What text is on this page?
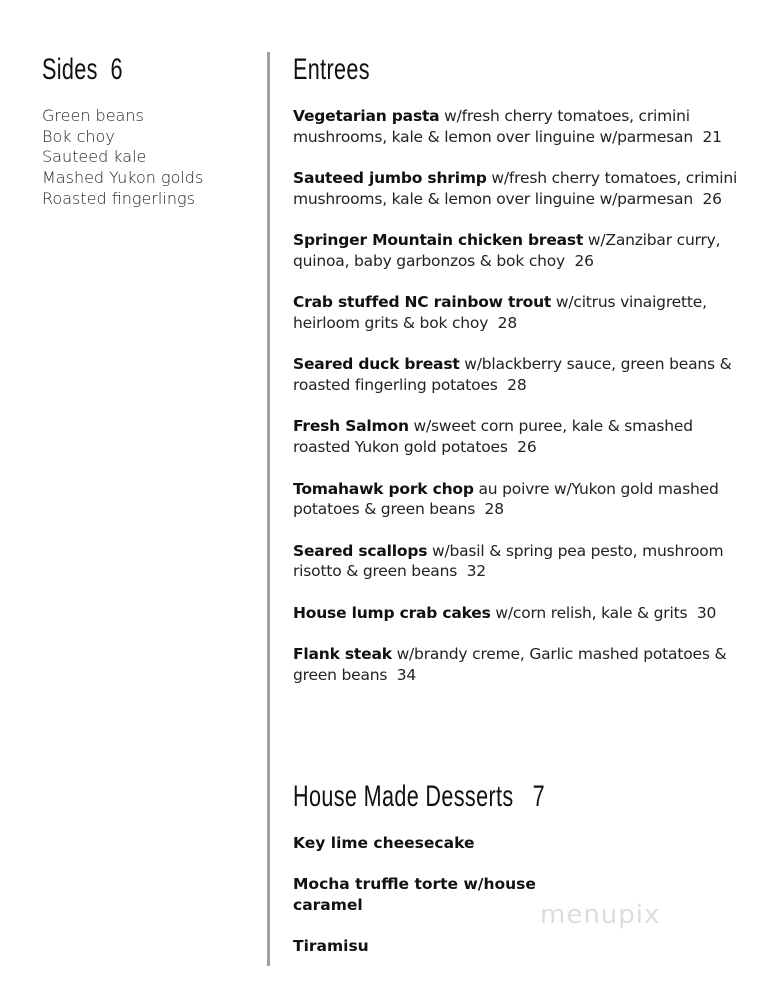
Sides 6
Green beans
Bok choy
Sauteed kale
Mashed Yukon golds
Roasted fingerlings
Entrees
Vegetarian pasta w/fresh cherry tomatoes, crimini mushrooms, kale & lemon over linguine w/parmesan 21
Sauteed jumbo shrimp w/fresh cherry tomatoes, crimini mushrooms, kale & lemon over linguine w/parmesan 26
Springer Mountain chicken breast w/Zanzibar curry, quinoa, baby garbonzos & bok choy 26
Crab stuffed NC rainbow trout w/citrus vinaigrette, heirloom grits & bok choy 28
Seared duck breast w/blackberry sauce, green beans & roasted fingerling potatoes 28
Fresh Salmon w/sweet corn puree, kale & smashed roasted Yukon gold potatoes 26
Tomahawk pork chop au poivre w/Yukon gold mashed potatoes & green beans 28
Seared scallops w/basil & spring pea pesto, mushroom risotto & green beans 32
House lump crab cakes w/corn relish, kale & grits 30
Flank steak w/brandy creme, Garlic mashed potatoes & green beans 34
House Made Desserts 7
Key lime cheesecake
Mocha truffle torte w/house caramel
Tiramisu
menupix
